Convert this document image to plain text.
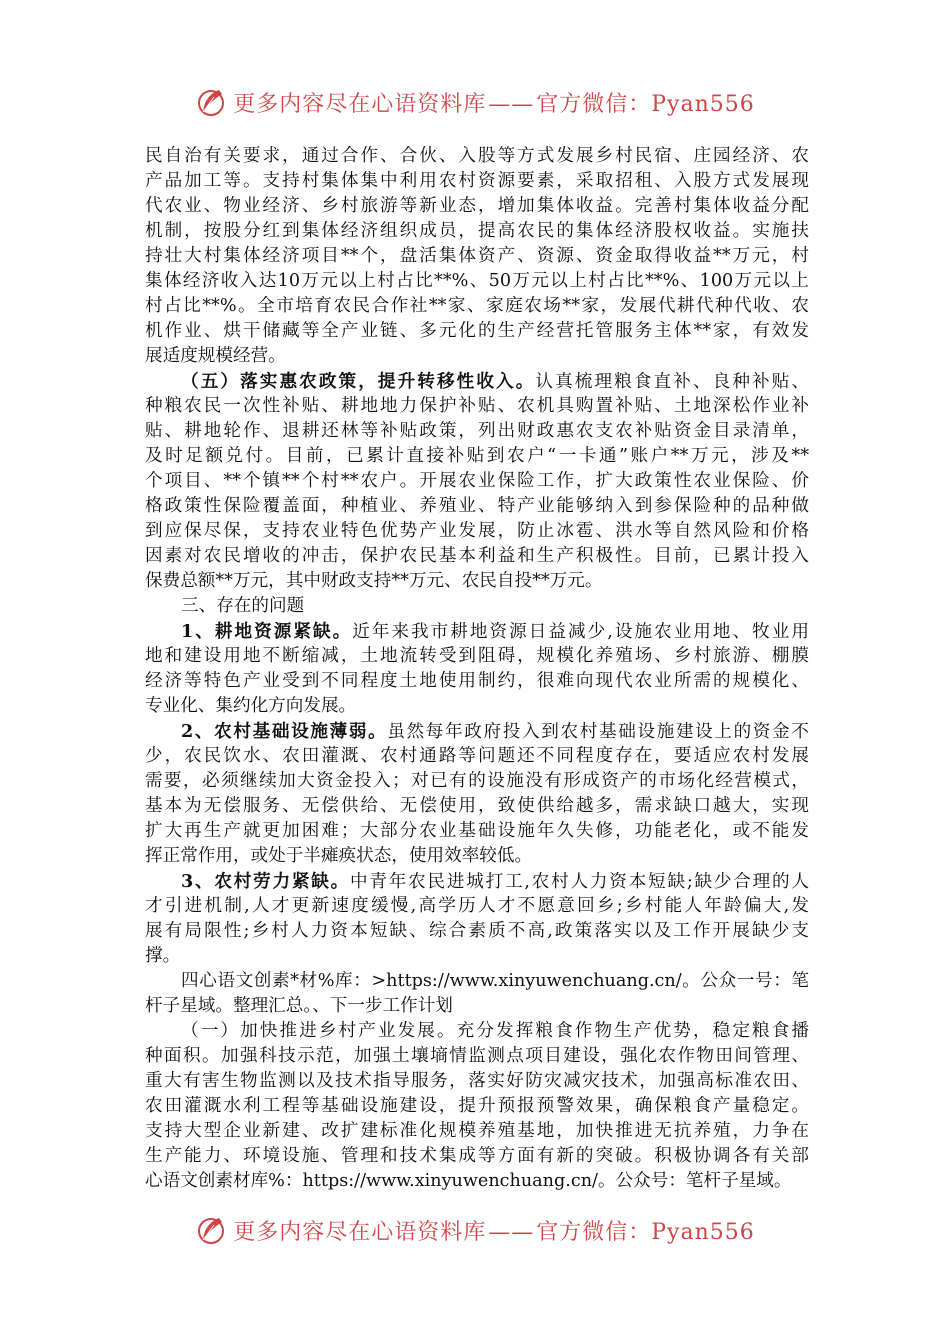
更多内容尽在心语资料库——官方微信：Pyan556
民自治有关要求，通过合作、合伙、入股等方式发展乡村民宿、庄园经济、农
产品加工等。支持村集体集中利用农村资源要素，采取招租、入股方式发展现
代农业、物业经济、乡村旅游等新业态，增加集体收益。完善村集体收益分配
机制，按股分红到集体经济组织成员，提高农民的集体经济股权收益。实施扶
持壮大村集体经济项目**个，盘活集体资产、资源、资金取得收益**万元，村
集体经济收入达10万元以上村占比**%、50万元以上村占比**%、100万元以上
村占比**%。全市培育农民合作社**家、家庭农场**家，发展代耕代种代收、农
机作业、烘干储藏等全产业链、多元化的生产经营托管服务主体**家，有效发
展适度规模经营。
（五）落实惠农政策，提升转移性收入。认真梳理粮食直补、良种补贴、
种粮农民一次性补贴、耕地地力保护补贴、农机具购置补贴、土地深松作业补
贴、耕地轮作、退耕还林等补贴政策，列出财政惠农支农补贴资金目录清单，
及时足额兑付。目前，已累计直接补贴到农户“一卡通”账户**万元，涉及**
个项目、**个镇**个村**农户。开展农业保险工作，扩大政策性农业保险、价
格政策性保险覆盖面，种植业、养殖业、特产业能够纳入到参保险种的品种做
到应保尽保，支持农业特色优势产业发展，防止冰雹、洪水等自然风险和价格
因素对农民增收的冲击，保护农民基本利益和生产积极性。目前，已累计投入
保费总额**万元，其中财政支持**万元、农民自投**万元。
三、存在的问题
1、耕地资源紧缺。近年来我市耕地资源日益减少,设施农业用地、牧业用
地和建设用地不断缩减，土地流转受到阻碍，规模化养殖场、乡村旅游、棚膜
经济等特色产业受到不同程度土地使用制约，很难向现代农业所需的规模化、
专业化、集约化方向发展。
2、农村基础设施薄弱。虽然每年政府投入到农村基础设施建设上的资金不
少，农民饮水、农田灌溉、农村通路等问题还不同程度存在，要适应农村发展
需要，必须继续加大资金投入；对已有的设施没有形成资产的市场化经营模式，
基本为无偿服务、无偿供给、无偿使用，致使供给越多，需求缺口越大，实现
扩大再生产就更加困难；大部分农业基础设施年久失修，功能老化，或不能发
挥正常作用，或处于半瘫痪状态，使用效率较低。
3、农村劳力紧缺。中青年农民进城打工,农村人力资本短缺;缺少合理的人
才引进机制,人才更新速度缓慢,高学历人才不愿意回乡;乡村能人年龄偏大,发
展有局限性;乡村人力资本短缺、综合素质不高,政策落实以及工作开展缺少支
撑。
四心语文创素*材%库：>https://www.xinyuwenchuang.cn/。公众一号：笔
杆子星域。整理汇总。、下一步工作计划
（一）加快推进乡村产业发展。充分发挥粮食作物生产优势，稳定粮食播
种面积。加强科技示范，加强土壤墒情监测点项目建设，强化农作物田间管理、
重大有害生物监测以及技术指导服务，落实好防灾减灾技术，加强高标准农田、
农田灌溉水利工程等基础设施建设，提升预报预警效果，确保粮食产量稳定。
支持大型企业新建、改扩建标准化规模养殖基地，加快推进无抗养殖，力争在
生产能力、环境设施、管理和技术集成等方面有新的突破。积极协调各有关部
心语文创素材库%：https://www.xinyuwenchuang.cn/。公众号：笔杆子星域。
更多内容尽在心语资料库——官方微信：Pyan556
